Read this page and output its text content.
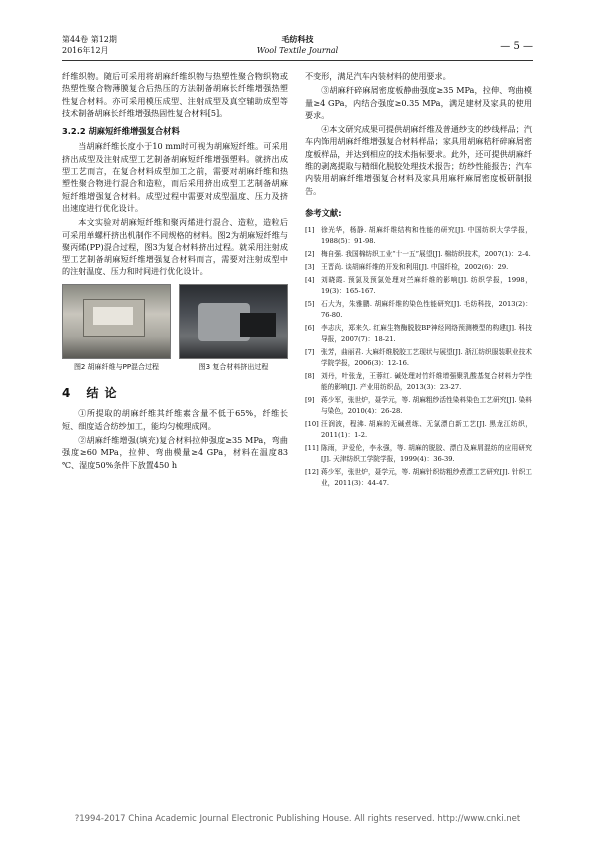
第44卷 第12期
2016年12月
毛纺科技
Wool Textile Journal	— 5 —

纤维织物。随后可采用将胡麻纤维织物与热塑性聚合物织物或热塑性聚合物薄膜复合后热压的方法制备胡麻长纤维增强热塑性复合材料。亦可采用模压成型、注射成型及真空辅助成型等技术制备胡麻长纤维增强热固性复合材料[5]。

3.2.2 胡麻短纤维增强复合材料

当胡麻纤维长度小于10 mm时可视为胡麻短纤维。可采用挤出成型及注射成型工艺制备胡麻短纤维增强塑料。就挤出成型工艺而言，在复合材料成型加工之前，需要对胡麻纤维和热塑性聚合物进行混合和造粒，而后采用挤出成型工艺制备胡麻短纤维增强复合材料。成型过程中需要对成型温度、压力及挤出速度进行优化设计。

本文实验对胡麻短纤维和聚丙烯进行混合、造粒，造粒后可采用单螺杆挤出机制作不同规格的材料。图2为胡麻短纤维与聚丙烯(PP)混合过程，图3为复合材料挤出过程。就采用注射成型工艺制备胡麻短纤维增强复合材料而言，需要对注射成型中的注射温度、压力和时间进行优化设计。

图2 胡麻纤维与PP混合过程	图3 复合材料挤出过程
4 结论

①所提取的胡麻纤维其纤维素含量不低于65%，纤维长短、细度适合纺纱加工，能均匀梳理成网。

②胡麻纤维增强(填充)复合材料拉伸强度≥35 MPa，弯曲强度≥60 MPa，拉伸、弯曲模量≥4 GPa，材料在温度83 ℃、湿度50%条件下放置450 h

不变形，满足汽车内装材料的使用要求。

③胡麻秆碎麻屑密度板静曲强度≥35 MPa，拉伸、弯曲模量≥4 GPa，内结合强度≥0.35 MPa，满足建材及家具的使用要求。

④本文研究成果可提供胡麻纤维及普通纱支的纱线样品；汽车内饰用胡麻纤维增强复合材料样品；家具用胡麻秸秆碎麻屑密度板样品，并达到相应的技术指标要求。此外，还可提供胡麻纤维的剥离提取与精细化脱胶处理技术报告；纺纱性能报告；汽车内装用胡麻纤维增强复合材料及家具用麻秆麻屑密度板研制报告。

参考文献:
[1] 徐光华，杨静. 胡麻纤维结构和性能的研究[J]. 中国纺织大学学报，1988(5)：91-98.
[2] 梅自强. 我国棉纺织工业“十一五”展望[J]. 棉纺织技术，2007(1)：2-4.
[3] 王晋尚. 谈胡麻纤维的开发和利用[J]. 中国纤检，2002(6)：29.
[4] 刘晓霞. 预氯及预氯处理对苎麻纤维的影响[J]. 纺织学报，1998，19(3)：165-167.
[5] 石大为，朱雅鹏. 胡麻纤维的染色性能研究[J]. 毛纺科技，2013(2)：76-80.
[6] 李志庆，郑来久. 红麻生物酶脱胶BP神经网络预测模型的构建[J]. 科技导报，2007(7)：18-21.
[7] 张芳，曲丽君. 大麻纤维脱胶工艺现状与展望[J]. 浙江纺织服装职业技术学院学报，2006(3)：12-16.
[8] 刘丹，叶张龙，王蓉红. 碱处理对竹纤维增强聚乳酸基复合材料力学性能的影响[J]. 产业用纺织品，2013(3)：23-27.
[9] 蒋少军，张世炉，聂学元，等. 胡麻粗纱活性染料染色工艺研究[J]. 染料与染色，2010(4)：26-28.
[10] 汪润波，程沸. 胡麻的无碱煮练、无氯漂白新工艺[J]. 黑龙江纺织，2011(1)：1-2.
[11] 陈雨，尹爱伦，李永强，等. 胡麻的脱胶、漂白及麻屑混纺的应用研究[J]. 天津纺织工学院学报，1999(4)：36-39.
[12] 蒋少军，张世炉，聂学元，等. 胡麻针织纺粗纱煮漂工艺研究[J]. 针织工业，2011(3)：44-47.
?1994-2017 China Academic Journal Electronic Publishing House. All rights reserved. http://www.cnki.net
